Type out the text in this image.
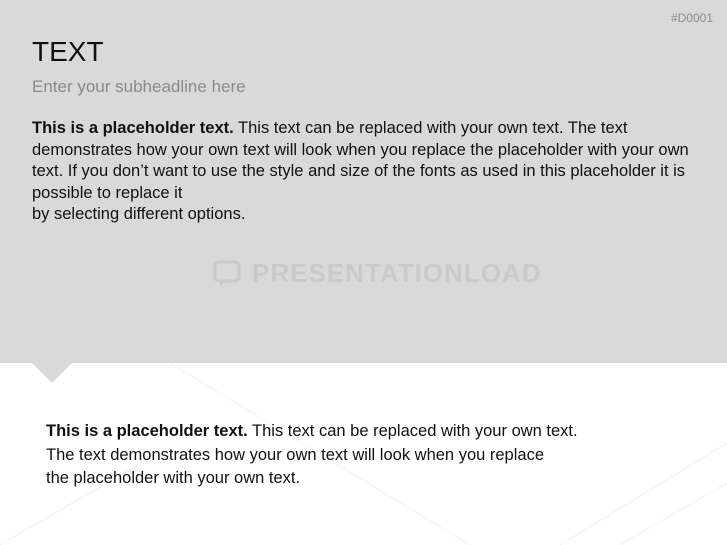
#D0001
TEXT
Enter your subheadline here
This is a placeholder text. This text can be replaced with your own text. The text demonstrates how your own text will look when you replace the placeholder with your own text. If you don’t want to use the style and size of the fonts as used in this placeholder it is possible to replace it
by selecting different options.
PRESENTATIONLOAD
This is a placeholder text. This text can be replaced with your own text.
The text demonstrates how your own text will look when you replace
the placeholder with your own text.
